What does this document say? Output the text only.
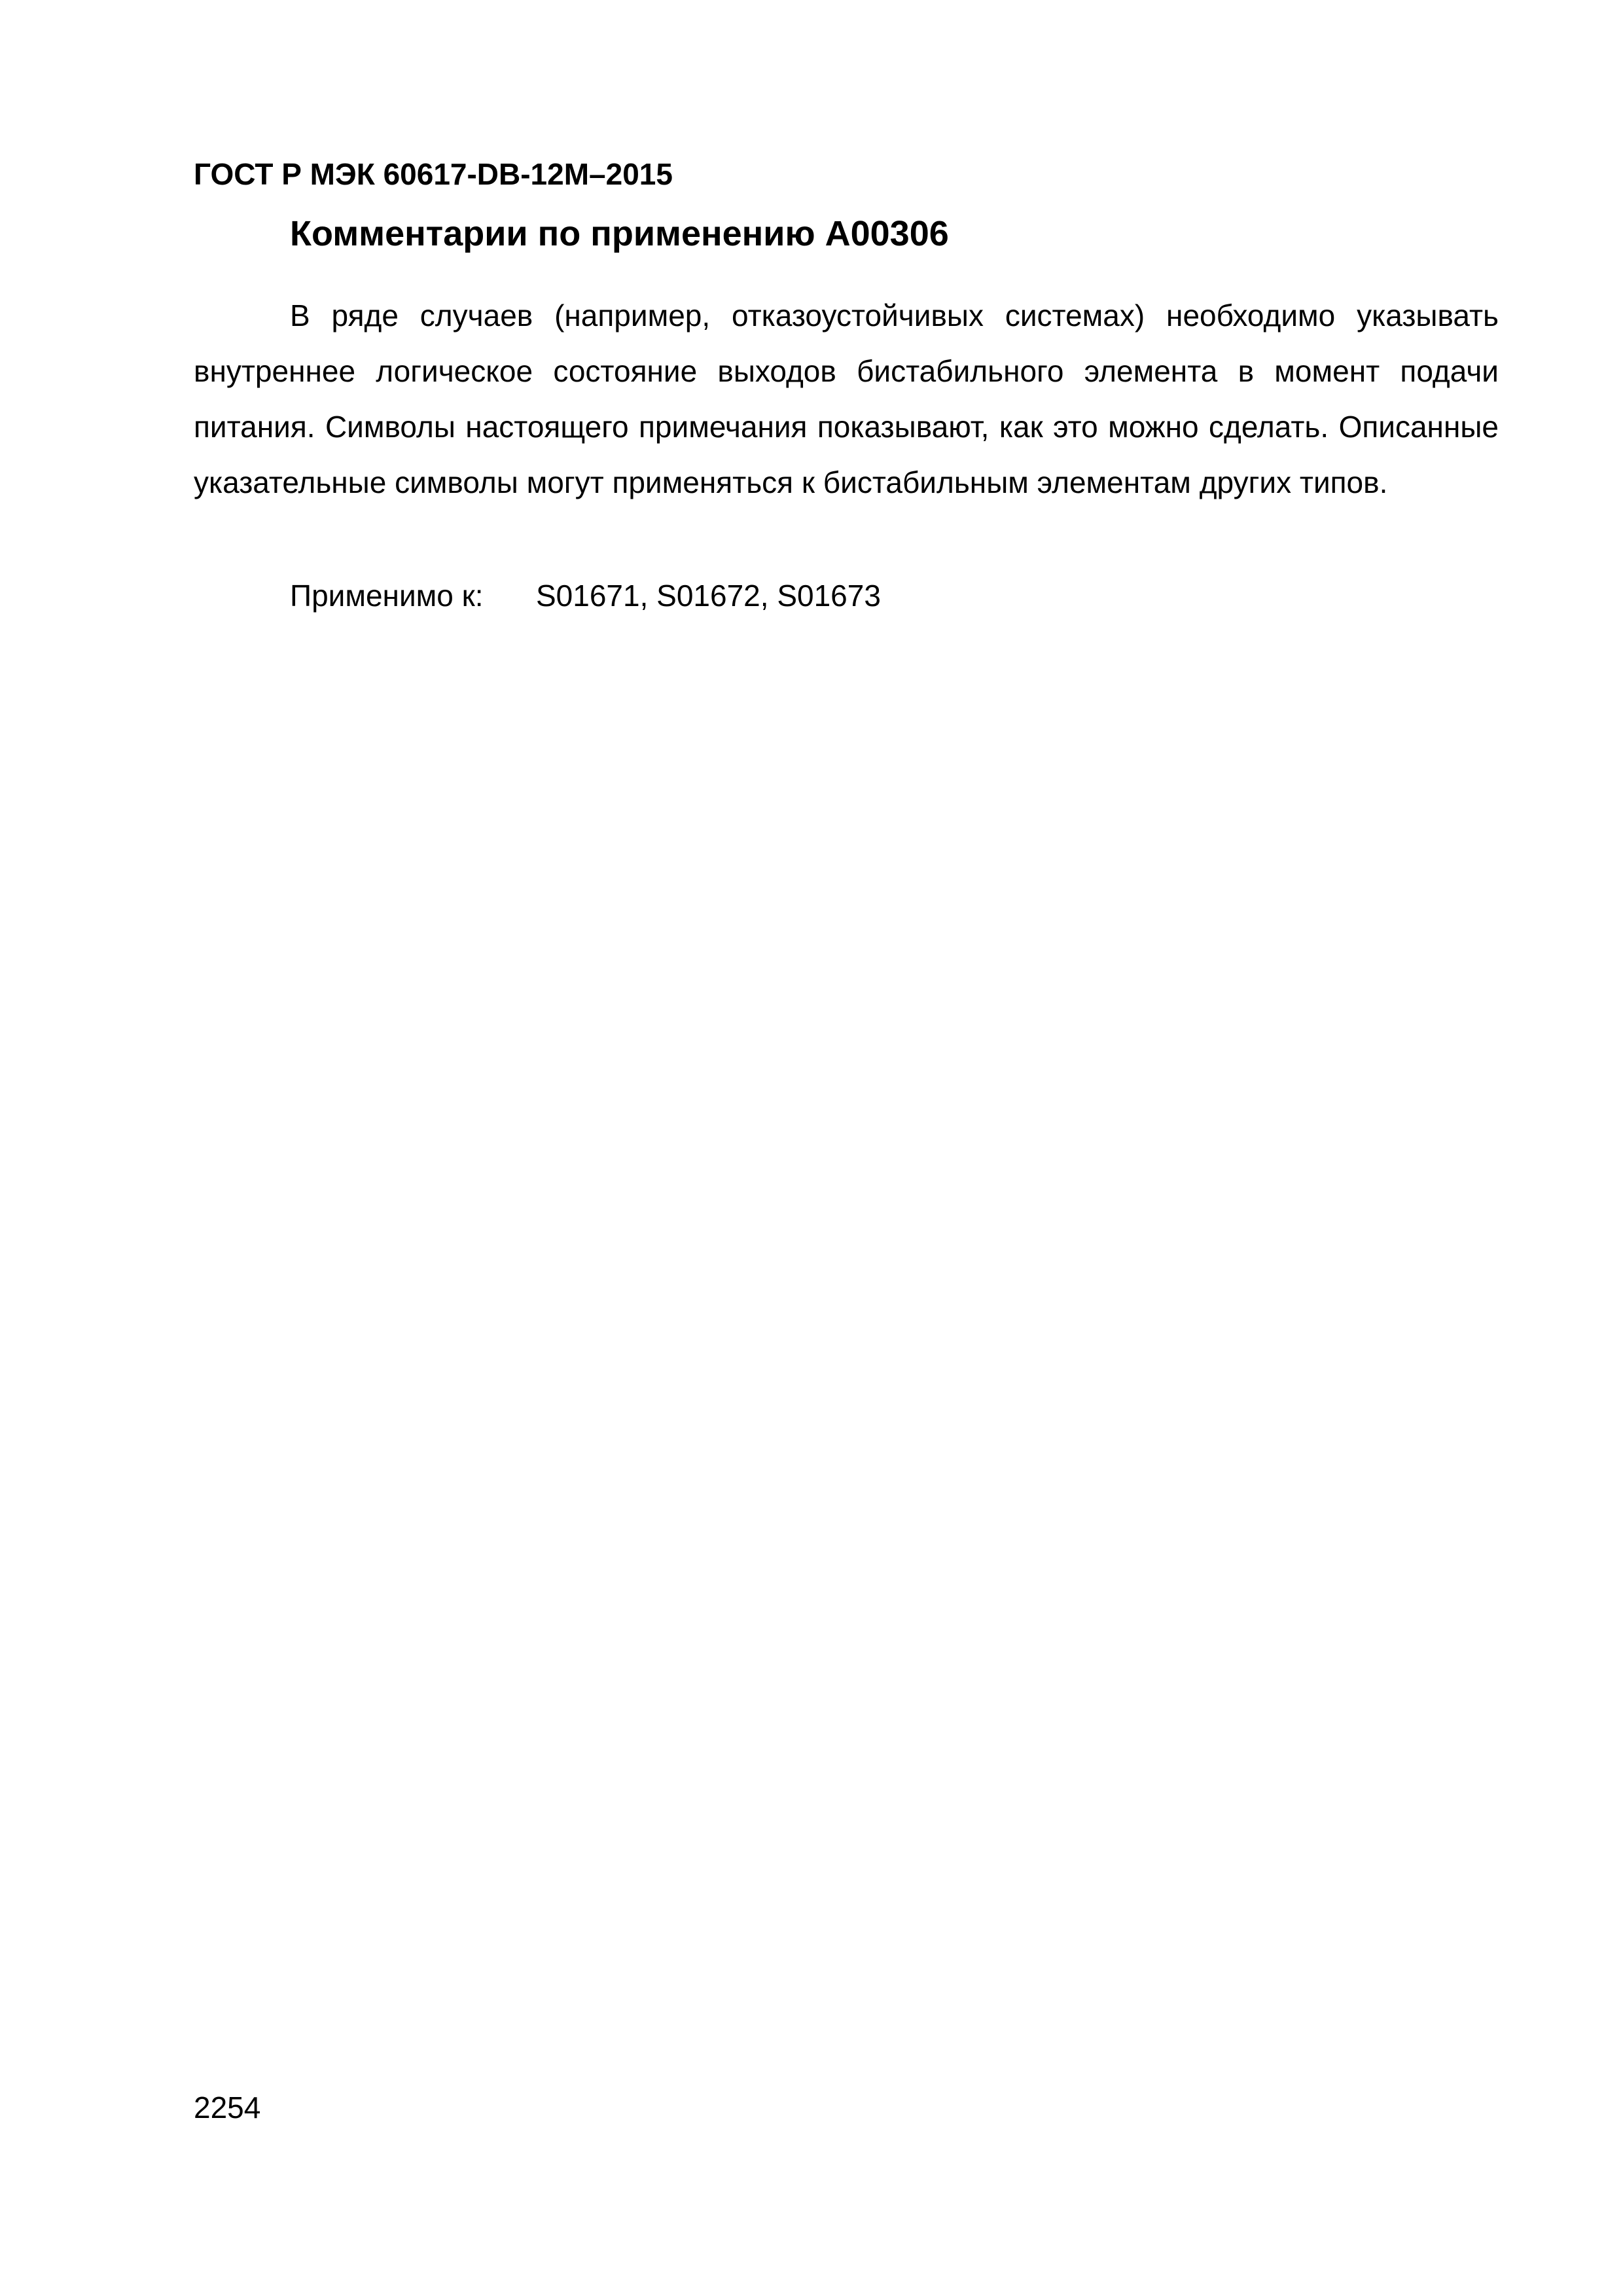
ГОСТ Р МЭК 60617-DB-12M–2015
Комментарии по применению A00306

В ряде случаев (например, отказоустойчивых системах) необходимо указывать внутреннее логическое состояние выходов бистабильного элемента в момент подачи питания. Символы настоящего примечания показывают, как это можно сделать. Описанные указательные символы могут применяться к бистабильным элементам других типов.

Применимо к: S01671, S01672, S01673
2254
